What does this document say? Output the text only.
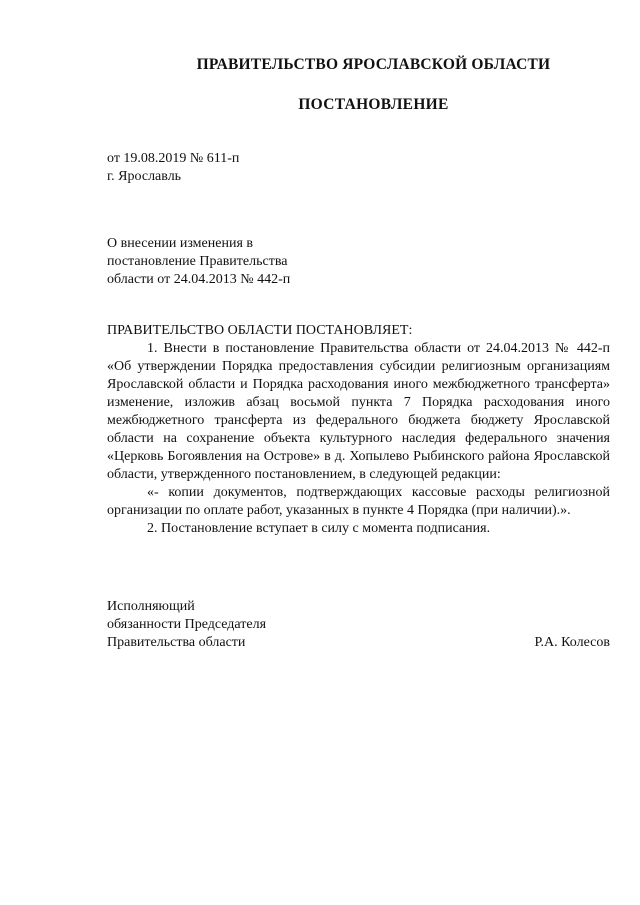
ПРАВИТЕЛЬСТВО ЯРОСЛАВСКОЙ ОБЛАСТИ
ПОСТАНОВЛЕНИЕ
от 19.08.2019 № 611-п
г. Ярославль
О внесении изменения в
постановление Правительства
области от 24.04.2013 № 442-п

ПРАВИТЕЛЬСТВО ОБЛАСТИ ПОСТАНОВЛЯЕТ:

1. Внести в постановление Правительства области от 24.04.2013 № 442-п «Об утверждении Порядка предоставления субсидии религиозным организациям Ярославской области и Порядка расходования иного межбюджетного трансферта» изменение, изложив абзац восьмой пункта 7 Порядка расходования иного межбюджетного трансферта из федерального бюджета бюджету Ярославской области на сохранение объекта культурного наследия федерального значения «Церковь Богоявления на Острове» в д. Хопылево Рыбинского района Ярославской области, утвержденного постановлением, в следующей редакции:

«- копии документов, подтверждающих кассовые расходы религиозной организации по оплате работ, указанных в пункте 4 Порядка (при наличии).».

2. Постановление вступает в силу с момента подписания.

Исполняющий
обязанности Председателя
Правительства области	Р.А. Колесов
